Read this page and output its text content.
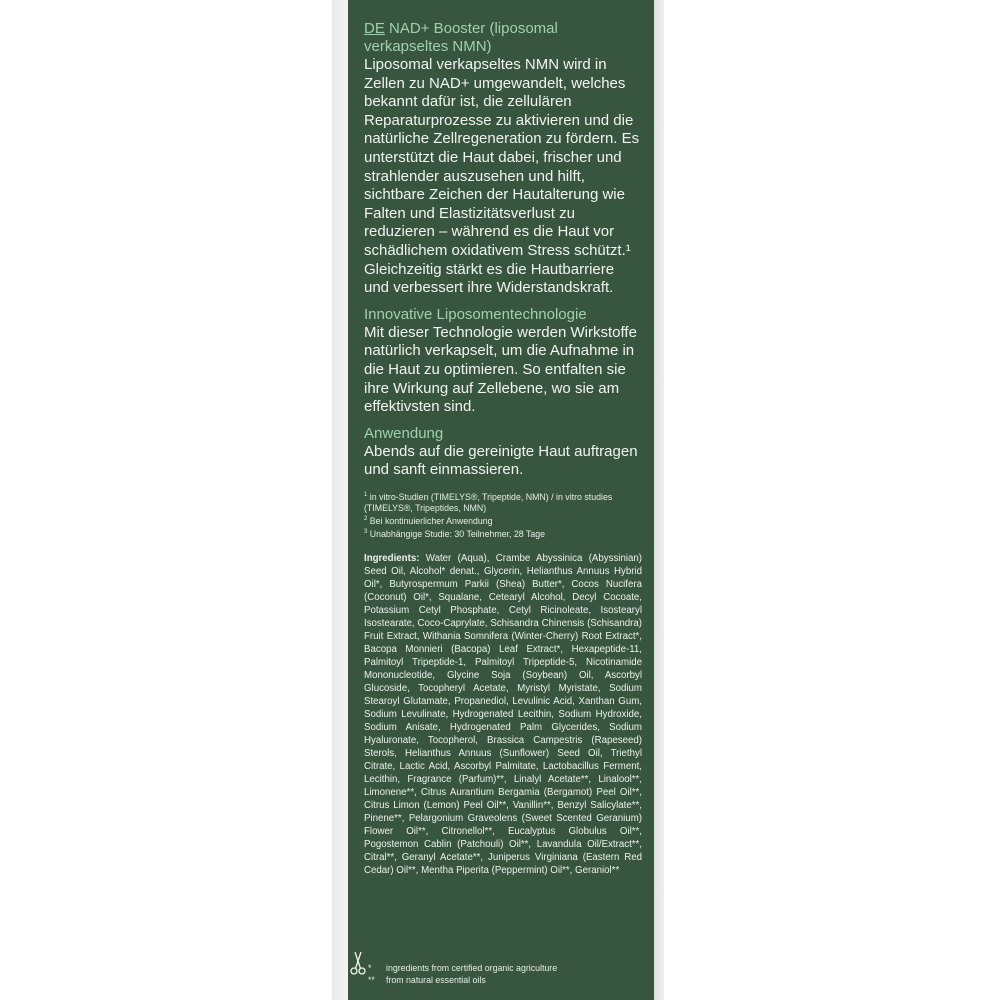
DE NAD+ Booster (liposomal verkapseltes NMN)

Liposomal verkapseltes NMN wird in Zellen zu NAD+ umgewandelt, welches bekannt dafür ist, die zellulären Reparaturprozesse zu aktivieren und die natürliche Zellregeneration zu fördern. Es unterstützt die Haut dabei, frischer und strahlender auszusehen und hilft, sichtbare Zeichen der Hautalterung wie Falten und Elastizitätsverlust zu reduzieren – während es die Haut vor schädlichem oxidativem Stress schützt.¹ Gleichzeitig stärkt es die Hautbarriere und verbessert ihre Widerstandskraft.

Innovative Liposomentechnologie

Mit dieser Technologie werden Wirkstoffe natürlich verkapselt, um die Aufnahme in die Haut zu optimieren. So entfalten sie ihre Wirkung auf Zellebene, wo sie am effektivsten sind.

Anwendung

Abends auf die gereinigte Haut auftragen und sanft einmassieren.

$^1$ in vitro-Studien (TIMELYS®, Tripeptide, NMN) / in vitro studies (TIMELYS®, Tripeptides, NMN)
$^2$ Bei kontinuierlicher Anwendung
$^3$ Unabhängige Studie: 30 Teilnehmer, 28 Tage

Ingredients: Water (Aqua), Crambe Abyssinica (Abyssinian) Seed Oil, Alcohol* denat., Glycerin, Helianthus Annuus Hybrid Oil*, Butyrospermum Parkii (Shea) Butter*, Cocos Nucifera (Coconut) Oil*, Squalane, Cetearyl Alcohol, Decyl Cocoate, Potassium Cetyl Phosphate, Cetyl Ricinoleate, Isostearyl Isostearate, Coco-Caprylate, Schisandra Chinensis (Schisandra) Fruit Extract, Withania Somnifera (Winter-Cherry) Root Extract*, Bacopa Monnieri (Bacopa) Leaf Extract*, Hexapeptide-11, Palmitoyl Tripeptide-1, Palmitoyl Tripeptide-5, Nicotinamide Mononucleotide, Glycine Soja (Soybean) Oil, Ascorbyl Glucoside, Tocopheryl Acetate, Myristyl Myristate, Sodium Stearoyl Glutamate, Propanediol, Levulinic Acid, Xanthan Gum, Sodium Levulinate, Hydrogenated Lecithin, Sodium Hydroxide, Sodium Anisate, Hydrogenated Palm Glycerides, Sodium Hyaluronate, Tocopherol, Brassica Campestris (Rapeseed) Sterols, Helianthus Annuus (Sunflower) Seed Oil, Triethyl Citrate, Lactic Acid, Ascorbyl Palmitate, Lactobacillus Ferment, Lecithin, Fragrance (Parfum)**, Linalyl Acetate**, Linalool**, Limonene**, Citrus Aurantium Bergamia (Bergamot) Peel Oil**, Citrus Limon (Lemon) Peel Oil**, Vanillin**, Benzyl Salicylate**, Pinene**, Pelargonium Graveolens (Sweet Scented Geranium) Flower Oil**, Citronellol**, Eucalyptus Globulus Oil**, Pogostemon Cablin (Patchouli) Oil**, Lavandula Oil/Extract**, Citral**, Geranyl Acetate**, Juniperus Virginiana (Eastern Red Cedar) Oil**, Mentha Piperita (Peppermint) Oil**, Geraniol**

*	ingredients from certified organic agriculture
**	from natural essential oils
